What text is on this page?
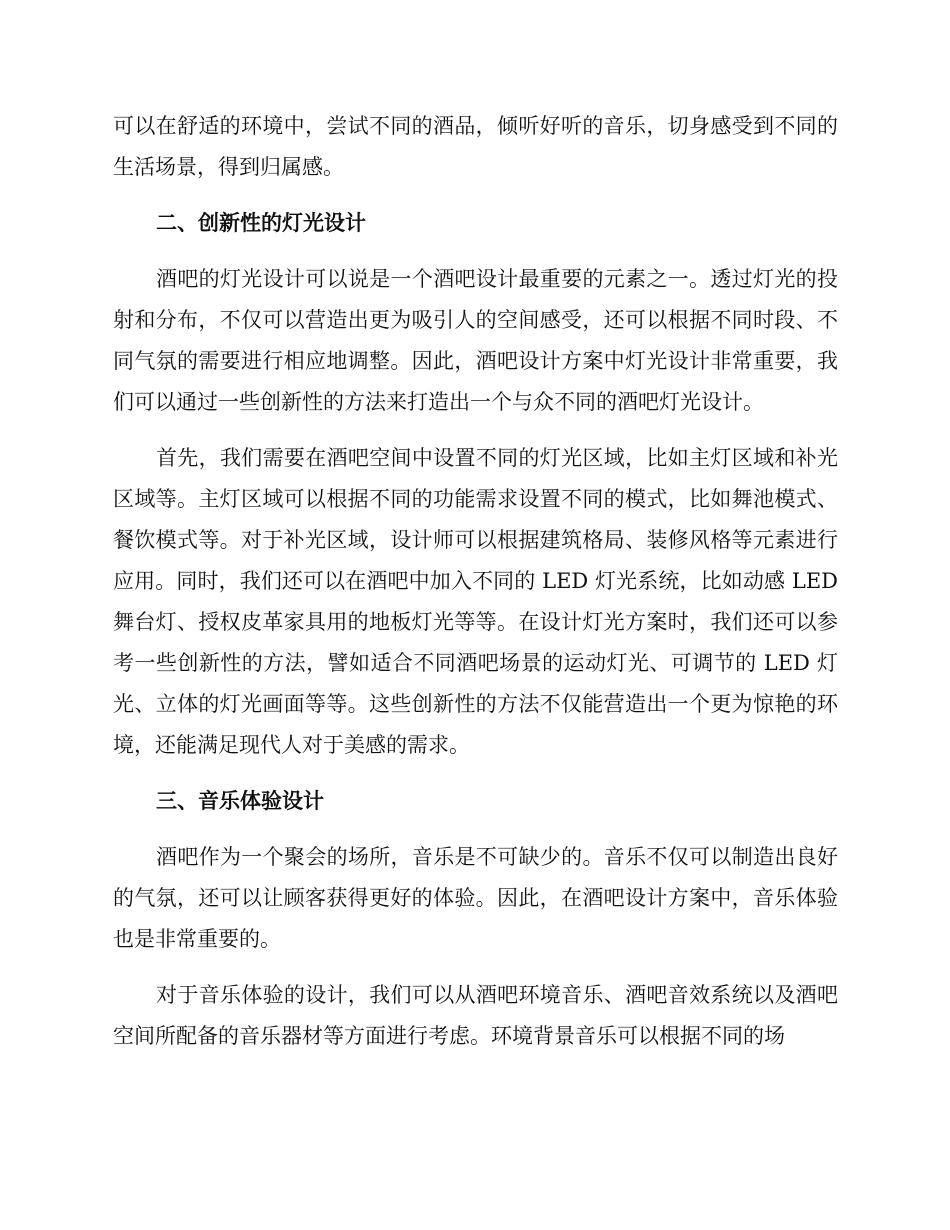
可以在舒适的环境中，尝试不同的酒品，倾听好听的音乐，切身感受到不同的生活场景，得到归属感。

二、创新性的灯光设计

酒吧的灯光设计可以说是一个酒吧设计最重要的元素之一。透过灯光的投射和分布，不仅可以营造出更为吸引人的空间感受，还可以根据不同时段、不同气氛的需要进行相应地调整。因此，酒吧设计方案中灯光设计非常重要，我们可以通过一些创新性的方法来打造出一个与众不同的酒吧灯光设计。

首先，我们需要在酒吧空间中设置不同的灯光区域，比如主灯区域和补光区域等。主灯区域可以根据不同的功能需求设置不同的模式，比如舞池模式、餐饮模式等。对于补光区域，设计师可以根据建筑格局、装修风格等元素进行应用。同时，我们还可以在酒吧中加入不同的 LED 灯光系统，比如动感 LED 舞台灯、授权皮革家具用的地板灯光等等。在设计灯光方案时，我们还可以参考一些创新性的方法，譬如适合不同酒吧场景的运动灯光、可调节的 LED 灯光、立体的灯光画面等等。这些创新性的方法不仅能营造出一个更为惊艳的环境，还能满足现代人对于美感的需求。

三、音乐体验设计

酒吧作为一个聚会的场所，音乐是不可缺少的。音乐不仅可以制造出良好的气氛，还可以让顾客获得更好的体验。因此，在酒吧设计方案中，音乐体验也是非常重要的。

对于音乐体验的设计，我们可以从酒吧环境音乐、酒吧音效系统以及酒吧空间所配备的音乐器材等方面进行考虑。环境背景音乐可以根据不同的场
